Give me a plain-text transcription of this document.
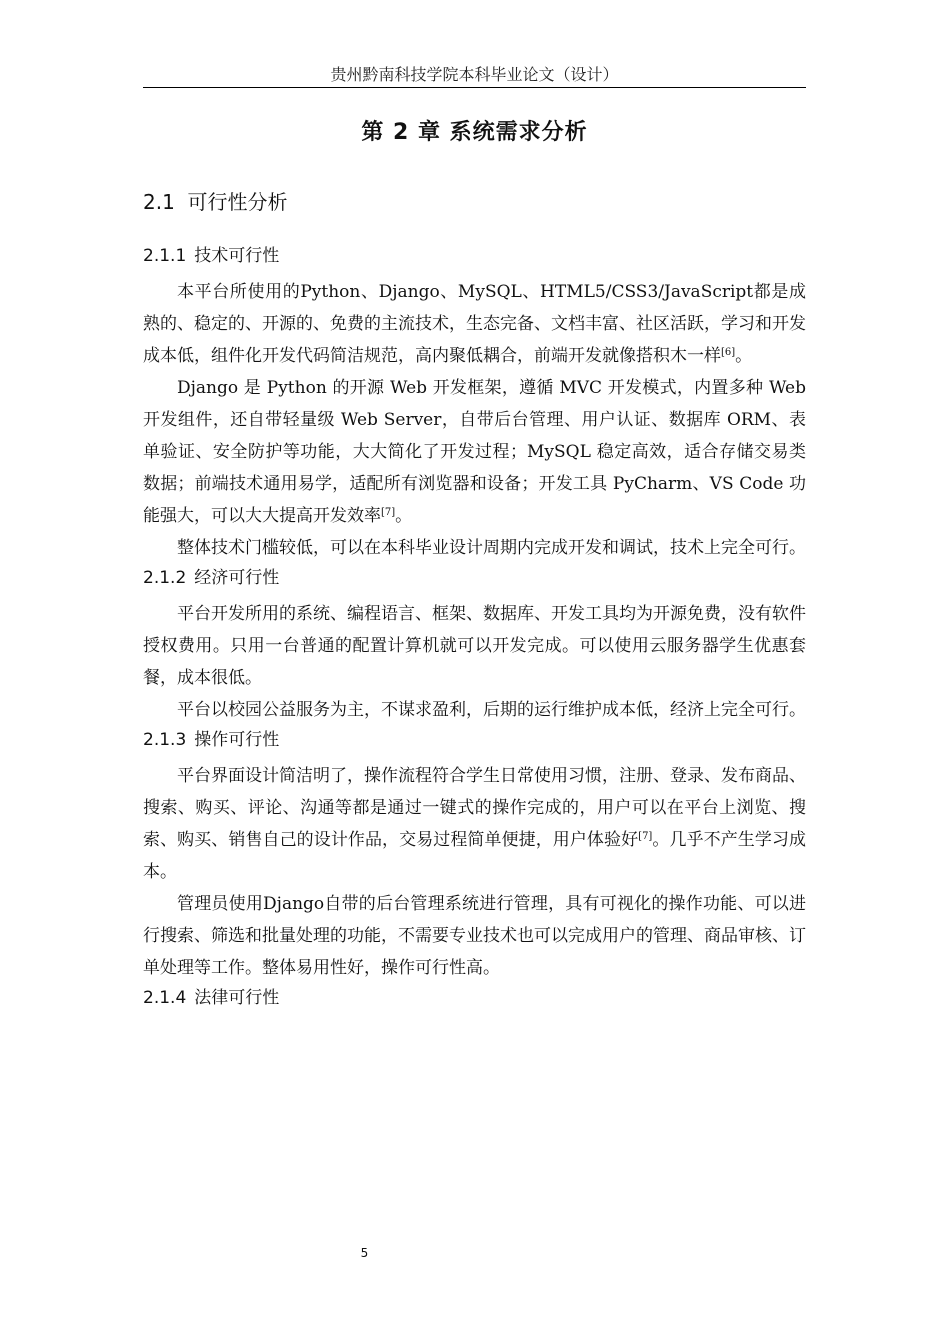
贵州黔南科技学院本科毕业论文（设计）
第 2 章 系统需求分析
2.1 可行性分析
2.1.1 技术可行性

本平台所使用的Python、Django、MySQL、HTML5/CSS3/JavaScript都是成熟的、稳定的、开源的、免费的主流技术，生态完备、文档丰富、社区活跃，学习和开发成本低，组件化开发代码简洁规范，高内聚低耦合，前端开发就像搭积木一样[6]。

Django 是 Python 的开源 Web 开发框架，遵循 MVC 开发模式，内置多种 Web 开发组件，还自带轻量级 Web Server，自带后台管理、用户认证、数据库 ORM、表单验证、安全防护等功能，大大简化了开发过程；MySQL 稳定高效，适合存储交易类数据；前端技术通用易学，适配所有浏览器和设备；开发工具 PyCharm、VS Code 功能强大，可以大大提高开发效率[7]。

整体技术门槛较低，可以在本科毕业设计周期内完成开发和调试，技术上完全可行。

2.1.2 经济可行性

平台开发所用的系统、编程语言、框架、数据库、开发工具均为开源免费，没有软件授权费用。只用一台普通的配置计算机就可以开发完成。可以使用云服务器学生优惠套餐，成本很低。

平台以校园公益服务为主，不谋求盈利，后期的运行维护成本低，经济上完全可行。

2.1.3 操作可行性

平台界面设计简洁明了，操作流程符合学生日常使用习惯，注册、登录、发布商品、搜索、购买、评论、沟通等都是通过一键式的操作完成的，用户可以在平台上浏览、搜索、购买、销售自己的设计作品，交易过程简单便捷，用户体验好[7]。几乎不产生学习成本。

管理员使用Django自带的后台管理系统进行管理，具有可视化的操作功能、可以进行搜索、筛选和批量处理的功能，不需要专业技术也可以完成用户的管理、商品审核、订单处理等工作。整体易用性好，操作可行性高。

2.1.4 法律可行性
5
